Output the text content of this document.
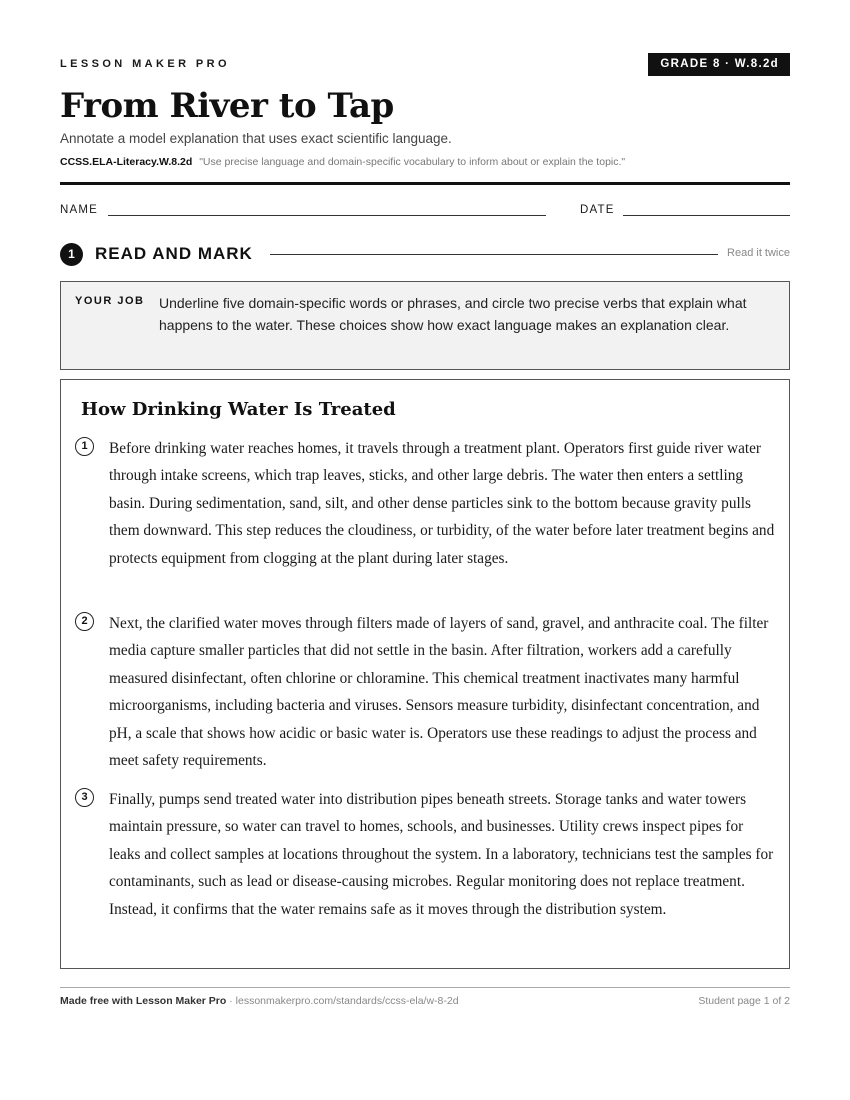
LESSON MAKER PRO	GRADE 8 · W.8.2d
From River to Tap
Annotate a model explanation that uses exact scientific language.
CCSS.ELA-Literacy.W.8.2d "Use precise language and domain-specific vocabulary to inform about or explain the topic."
NAME	DATE
1	READ AND MARK	Read it twice
YOUR JOB Underline five domain-specific words or phrases, and circle two precise verbs that explain what happens to the water. These choices show how exact language makes an explanation clear.
How Drinking Water Is Treated
1	Before drinking water reaches homes, it travels through a treatment plant. Operators first guide river water through intake screens, which trap leaves, sticks, and other large debris. The water then enters a settling basin. During sedimentation, sand, silt, and other dense particles sink to the bottom because gravity pulls them downward. This step reduces the cloudiness, or turbidity, of the water before later treatment begins and protects equipment from clogging at the plant during later stages.
2	Next, the clarified water moves through filters made of layers of sand, gravel, and anthracite coal. The filter media capture smaller particles that did not settle in the basin. After filtration, workers add a carefully measured disinfectant, often chlorine or chloramine. This chemical treatment inactivates many harmful microorganisms, including bacteria and viruses. Sensors measure turbidity, disinfectant concentration, and pH, a scale that shows how acidic or basic water is. Operators use these readings to adjust the process and meet safety requirements.
3	Finally, pumps send treated water into distribution pipes beneath streets. Storage tanks and water towers maintain pressure, so water can travel to homes, schools, and businesses. Utility crews inspect pipes for leaks and collect samples at locations throughout the system. In a laboratory, technicians test the samples for contaminants, such as lead or disease-causing microbes. Regular monitoring does not replace treatment. Instead, it confirms that the water remains safe as it moves through the distribution system.
Made free with Lesson Maker Pro · lessonmakerpro.com/standards/ccss-ela/w-8-2d	Student page 1 of 2
